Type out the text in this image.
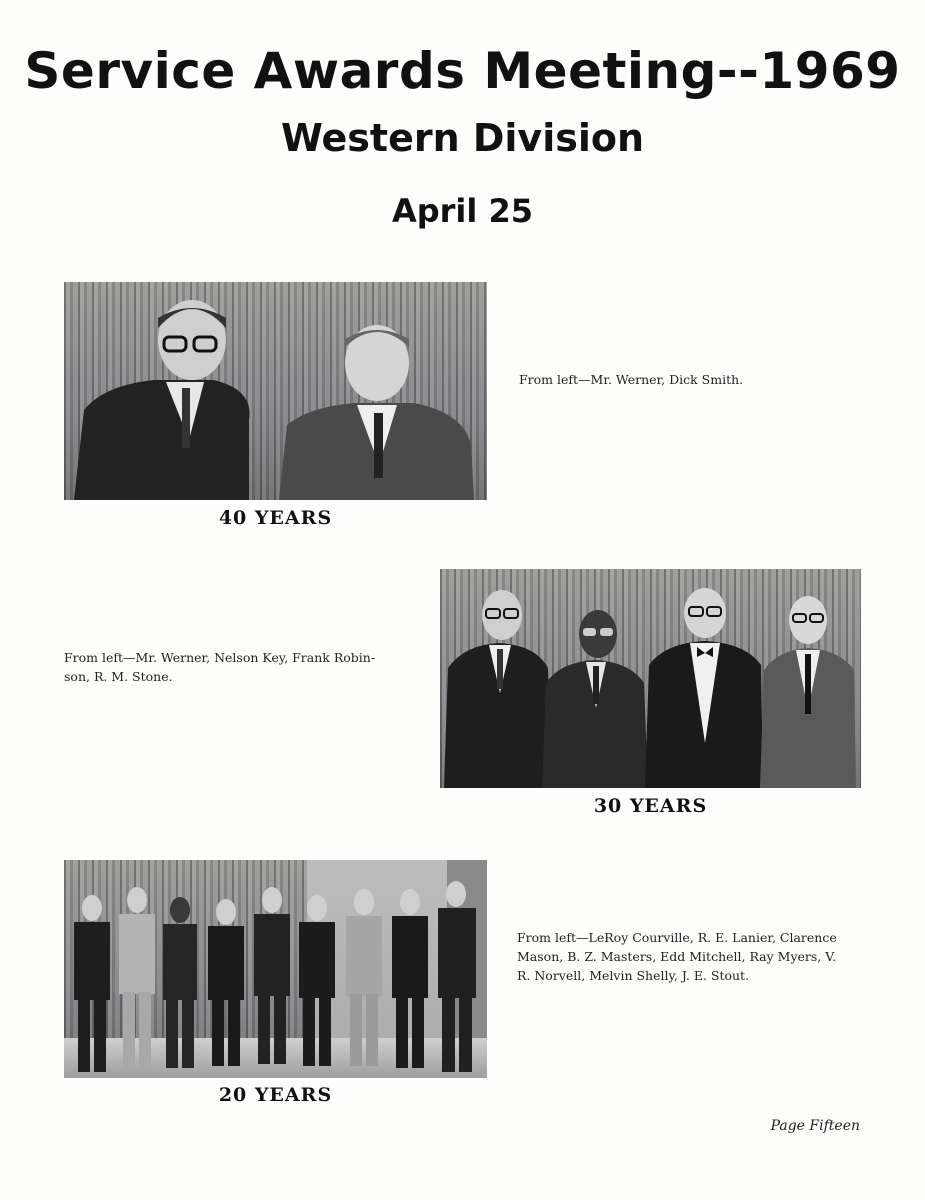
Service Awards Meeting--1969
Western Division
April 25
40 YEARS
From left—Mr. Werner, Dick Smith.
30 YEARS
From left—Mr. Werner, Nelson Key, Frank Robin-
son, R. M. Stone.
20 YEARS
From left—LeRoy Courville, R. E. Lanier, Clarence
Mason, B. Z. Masters, Edd Mitchell, Ray Myers, V.
R. Norvell, Melvin Shelly, J. E. Stout.
Page Fifteen
